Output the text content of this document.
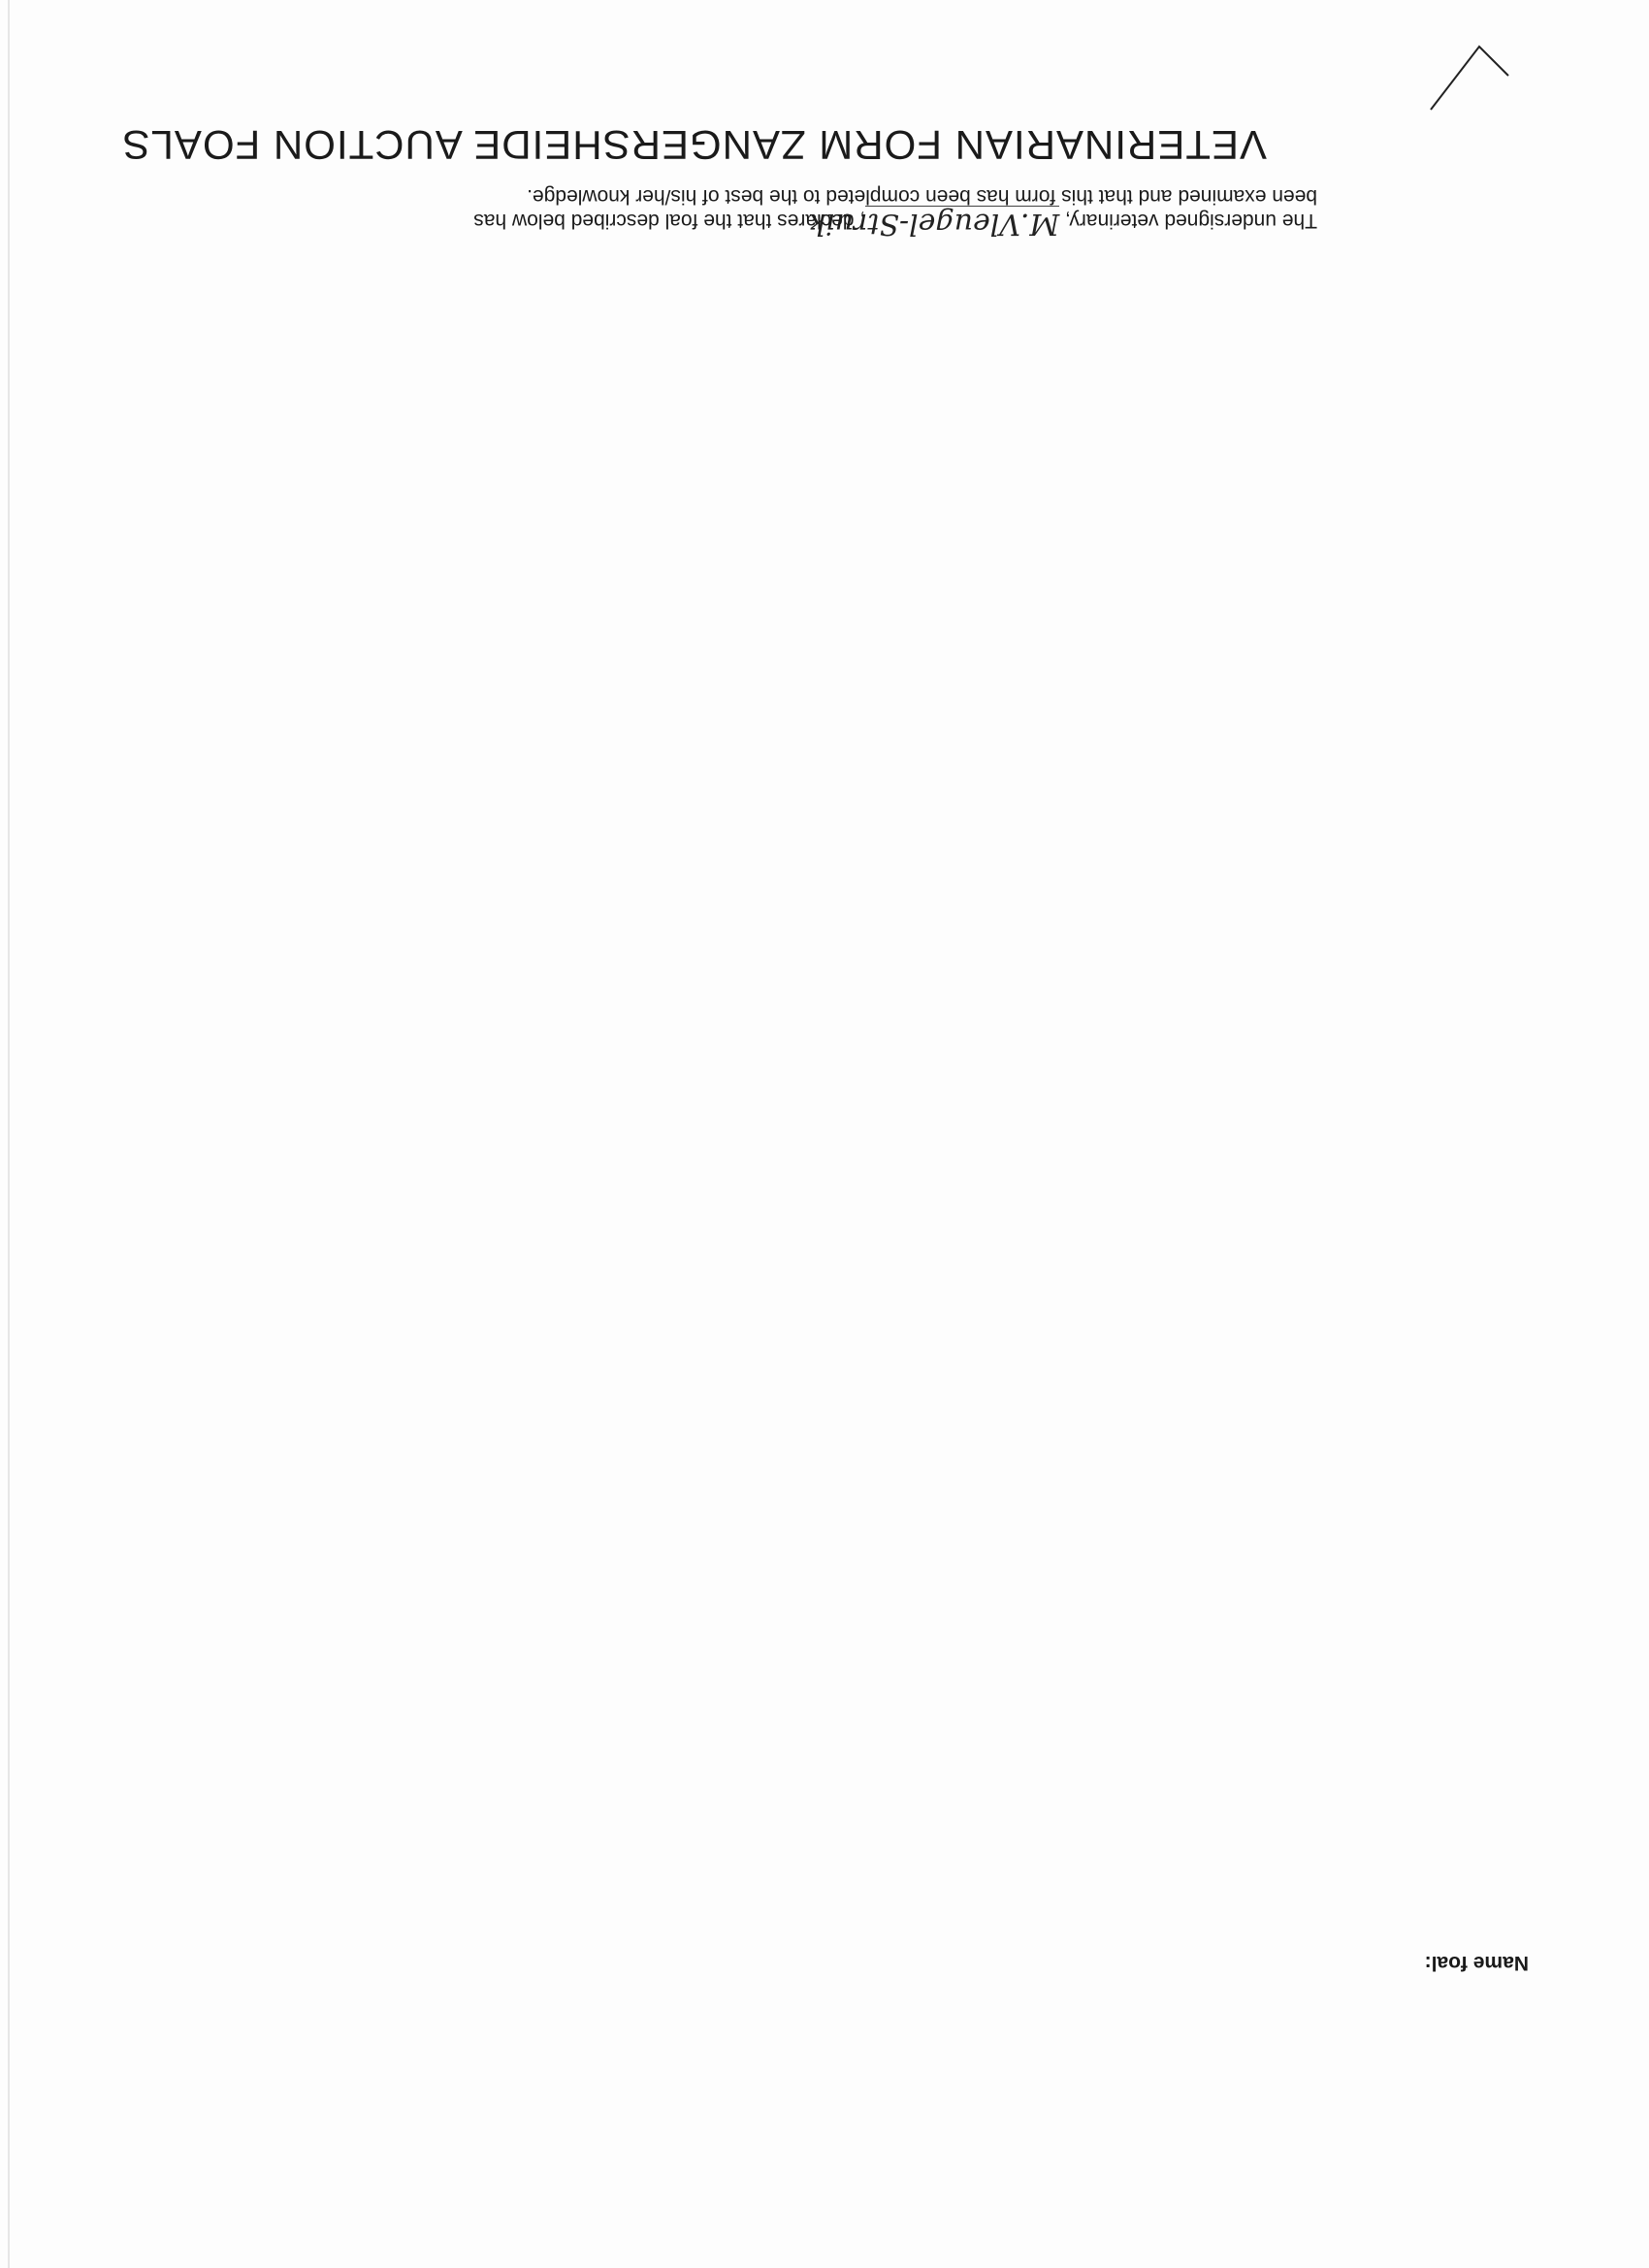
VETERINARIAN FORM ZANGERSHEIDE AUCTION FOALS
The undersigned veterinary, M.Vleugel-Struik, declares that the foal described below has
been examined and that this form has been completed to the best of his/her knowledge.
Name foal:
